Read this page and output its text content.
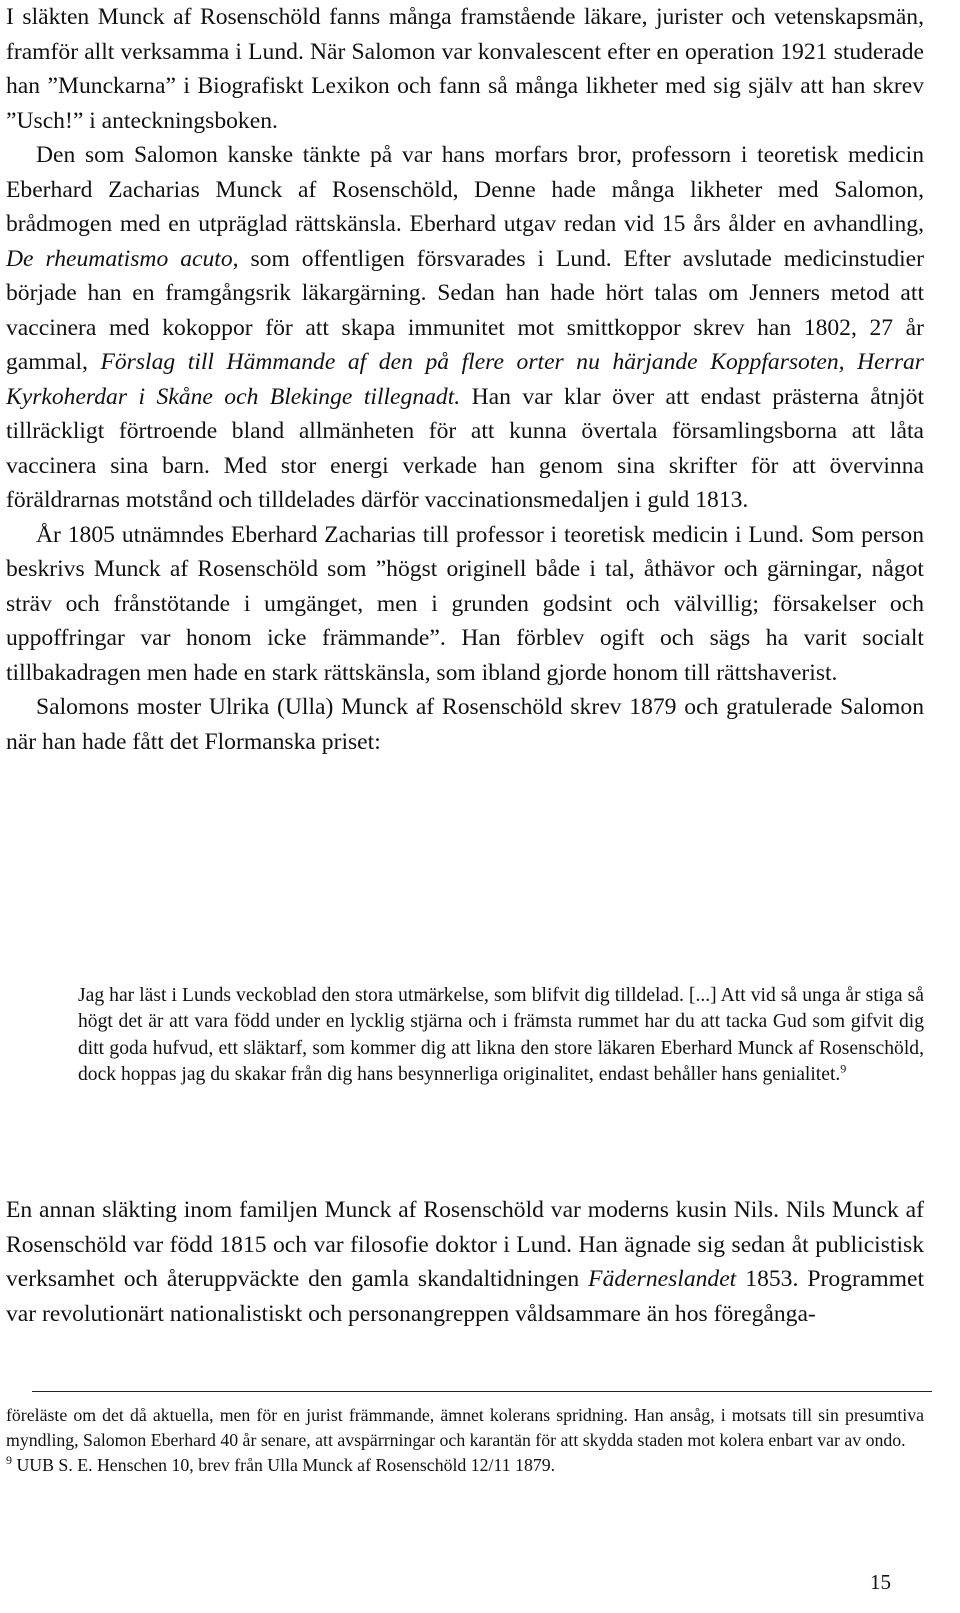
I släkten Munck af Rosenschöld fanns många framstående läkare, jurister och vetenskapsmän, framför allt verksamma i Lund. När Salomon var konvalescent efter en operation 1921 studerade han ”Munckarna” i Biografiskt Lexikon och fann så många likheter med sig själv att han skrev ”Usch!” i anteckningsboken.

Den som Salomon kanske tänkte på var hans morfars bror, professorn i teoretisk medicin Eberhard Zacharias Munck af Rosenschöld, Denne hade många likheter med Salomon, brådmogen med en utpräglad rättskänsla. Eberhard utgav redan vid 15 års ålder en avhandling, De rheumatismo acuto, som offentligen försvarades i Lund. Efter avslutade medicinstudier började han en framgångsrik läkargärning. Sedan han hade hört talas om Jenners metod att vaccinera med kokoppor för att skapa immunitet mot smittkoppor skrev han 1802, 27 år gammal, Förslag till Hämmande af den på flere orter nu härjande Koppfarsoten, Herrar Kyrkoherdar i Skåne och Blekinge tillegnadt. Han var klar över att endast prästerna åtnjöt tillräckligt förtroende bland allmänheten för att kunna övertala församlingsborna att låta vaccinera sina barn. Med stor energi verkade han genom sina skrifter för att övervinna föräldrarnas motstånd och tilldelades därför vaccinationsmedaljen i guld 1813.

År 1805 utnämndes Eberhard Zacharias till professor i teoretisk medicin i Lund. Som person beskrivs Munck af Rosenschöld som ”högst originell både i tal, åthävor och gärningar, något sträv och frånstötande i umgänget, men i grunden godsint och välvillig; försakelser och uppoffringar var honom icke främmande”. Han förblev ogift och sägs ha varit socialt tillbakadragen men hade en stark rättskänsla, som ibland gjorde honom till rättshaverist.

Salomons moster Ulrika (Ulla) Munck af Rosenschöld skrev 1879 och gratulerade Salomon när han hade fått det Flormanska priset:

Jag har läst i Lunds veckoblad den stora utmärkelse, som blifvit dig tilldelad. [...] Att vid så unga år stiga så högt det är att vara född under en lycklig stjärna och i främsta rummet har du att tacka Gud som gifvit dig ditt goda hufvud, ett släktarf, som kommer dig att likna den store läkaren Eberhard Munck af Rosenschöld, dock hoppas jag du skakar från dig hans besynnerliga originalitet, endast behåller hans genialitet.$^9$

En annan släkting inom familjen Munck af Rosenschöld var moderns kusin Nils. Nils Munck af Rosenschöld var född 1815 och var filosofie doktor i Lund. Han ägnade sig sedan åt publicistisk verksamhet och återuppväckte den gamla skandaltidningen Fäderneslandet 1853. Programmet var revolutionärt nationalistiskt och personangreppen våldsammare än hos föregånga-

föreläste om det då aktuella, men för en jurist främmande, ämnet kolerans spridning. Han ansåg, i motsats till sin presumtiva myndling, Salomon Eberhard 40 år senare, att avspärrningar och karantän för att skydda staden mot kolera enbart var av ondo.

$^9$ UUB S. E. Henschen 10, brev från Ulla Munck af Rosenschöld 12/11 1879.

15
